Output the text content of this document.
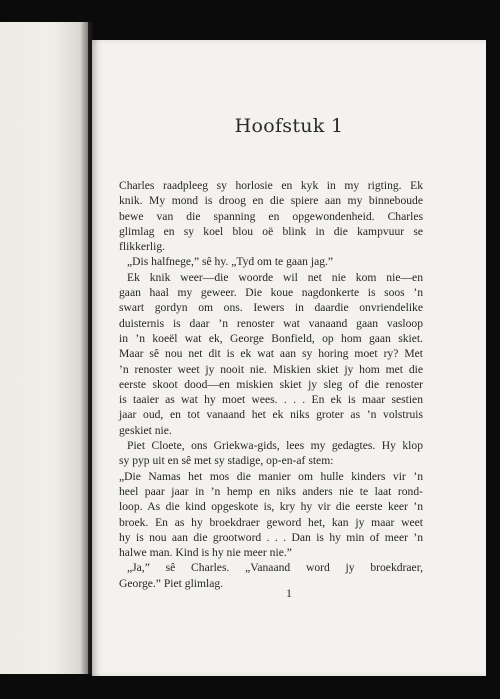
Hoofstuk 1
Charles raadpleeg sy horlosie en kyk in my rigting. Ek
knik. My mond is droog en die spiere aan my binneboude
bewe van die spanning en opgewondenheid. Charles
glimlag en sy koel blou oë blink in die kampvuur se
flikkerlig.
„Dis halfnege,” sê hy. „Tyd om te gaan jag.”
Ek knik weer—die woorde wil net nie kom nie—en
gaan haal my geweer. Die koue nagdonkerte is soos ’n
swart gordyn om ons. Iewers in daardie onvriendelike
duisternis is daar ’n renoster wat vanaand gaan vasloop
in ’n koeël wat ek, George Bonfield, op hom gaan skiet.
Maar sê nou net dit is ek wat aan sy horing moet ry? Met
’n renoster weet jy nooit nie. Miskien skiet jy hom met die
eerste skoot dood—en miskien skiet jy sleg of die renoster
is taaier as wat hy moet wees. . . . En ek is maar sestien
jaar oud, en tot vanaand het ek niks groter as ’n volstruis
geskiet nie.
Piet Cloete, ons Griekwa-gids, lees my gedagtes. Hy klop
sy pyp uit en sê met sy stadige, op-en-af stem:
„Die Namas het mos die manier om hulle kinders vir ’n
heel paar jaar in ’n hemp en niks anders nie te laat rond-
loop. As die kind opgeskote is, kry hy vir die eerste keer ’n
broek. En as hy broekdraer geword het, kan jy maar weet
hy is nou aan die grootword . . . Dan is hy min of meer ’n
halwe man. Kind is hy nie meer nie.”
„Ja,” sê Charles. „Vanaand word jy broekdraer,
George.” Piet glimlag.
1
